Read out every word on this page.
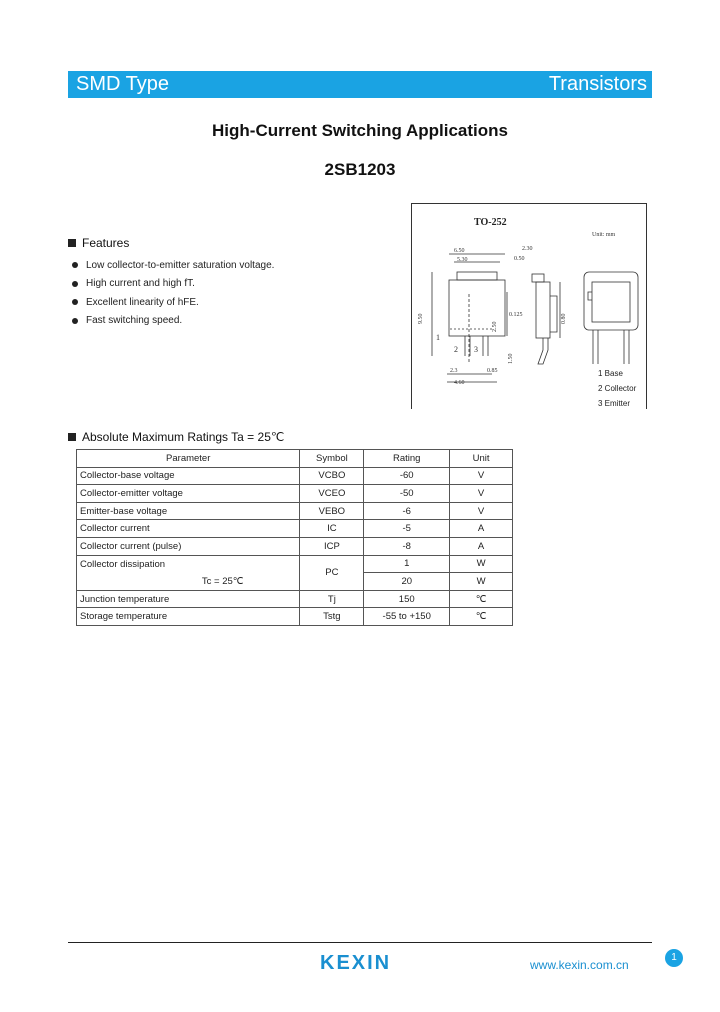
SMD Type	Transistors
High-Current Switching Applications
2SB1203
Features
Low collector-to-emitter saturation voltage.
High current and high fT.
Excellent linearity of hFE.
Fast switching speed.
TO-252
Unit: mm
6.50
5.30
2.30
0.50
0.125
9.50
2.50
0.85
4.60
1.50
2.3
1
2 3
0.80
1 Base
2 Collector
3 Emitter
Absolute Maximum Ratings Ta = 25℃
Parameter	Symbol	Rating	Unit
Collector-base voltage	VCBO	-60	V
Collector-emitter voltage	VCEO	-50	V
Emitter-base voltage	VEBO	-6	V
Collector current	IC	-5	A
Collector current (pulse)	ICP	-8	A
Collector dissipation	PC	1	W
Tc = 25℃		20	W
Junction temperature	Tj	150	℃
Storage temperature	Tstg	-55 to +150	℃
1
KEXIN	www.kexin.com.cn
